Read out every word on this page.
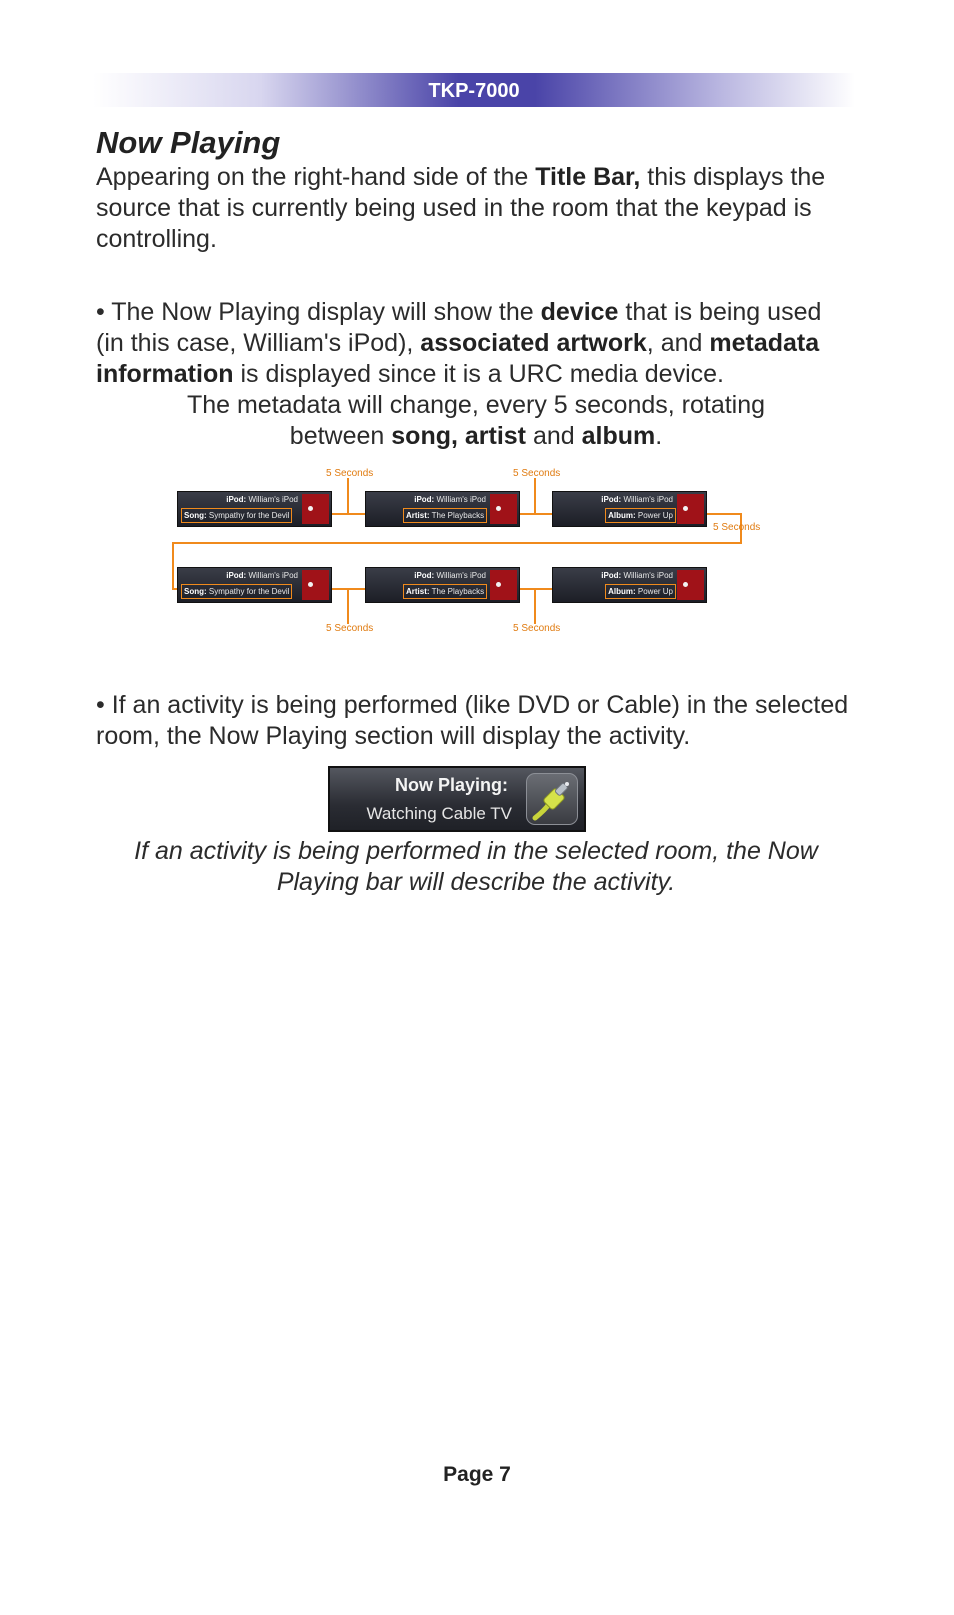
TKP-7000
Now Playing

Appearing on the right-hand side of the Title Bar, this displays the source that is currently being used in the room that the keypad is controlling.

• The Now Playing display will show the device that is being used (in this case, William's iPod), associated artwork, and metadata information is displayed since it is a URC media device.
The metadata will change, every 5 seconds, rotating between song, artist and album.
5 Seconds	5 Seconds
5 Seconds
5 Seconds	5 Seconds
iPod: William's iPod
Song: Sympathy for the Devil
iPod: William's iPod
Artist: The Playbacks
iPod: William's iPod
Album: Power Up
iPod: William's iPod
Song: Sympathy for the Devil
iPod: William's iPod
Artist: The Playbacks
iPod: William's iPod
Album: Power Up

• If an activity is being performed (like DVD or Cable) in the selected room, the Now Playing section will display the activity.

Now Playing:
Watching Cable TV

If an activity is being performed in the selected room, the Now Playing bar will describe the activity.

Page 7
